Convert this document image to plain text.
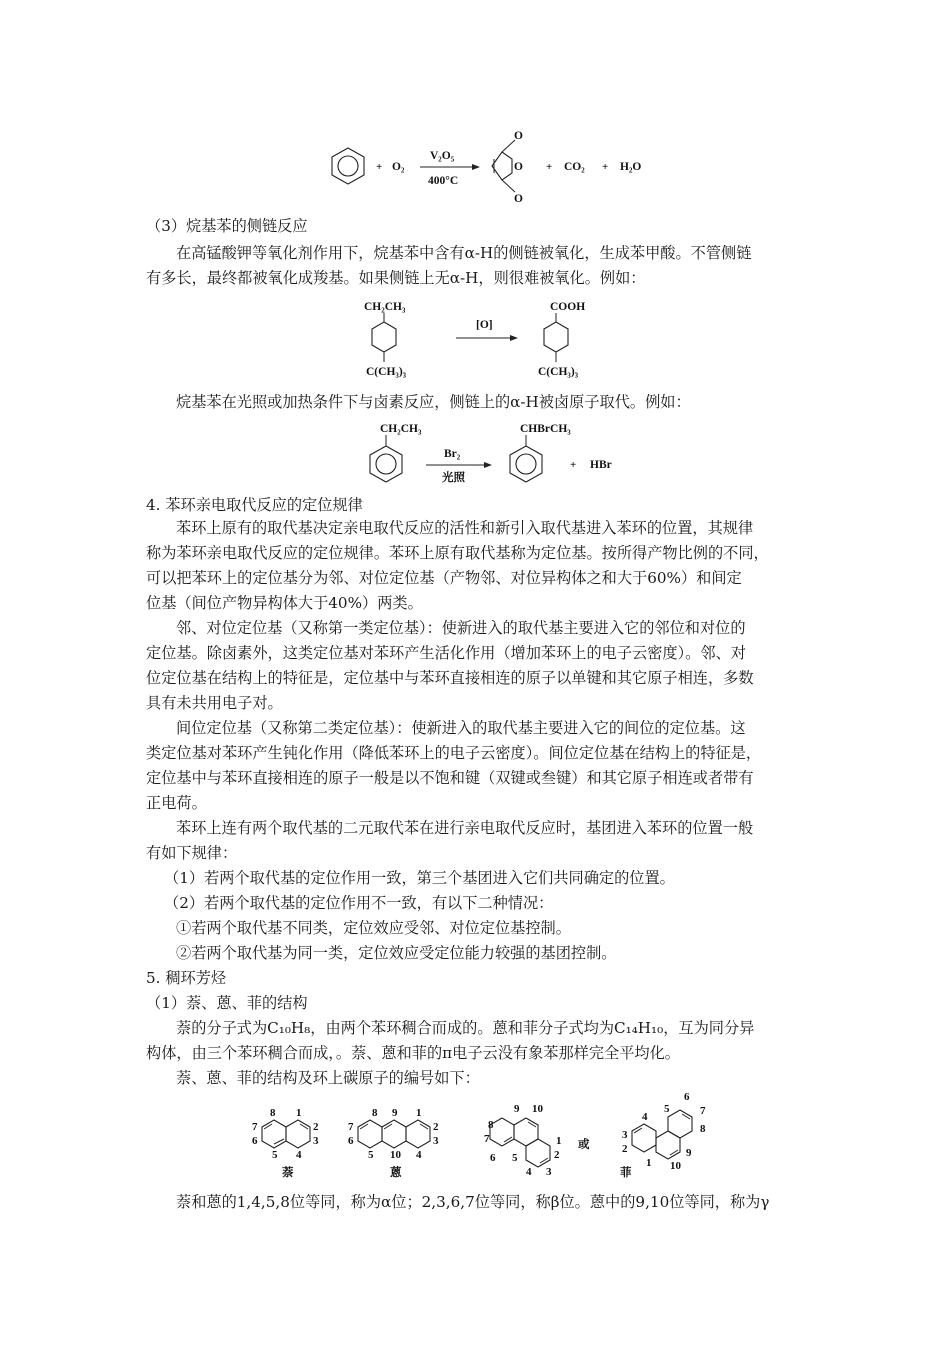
+ O₂
V₂O₅
400°C
O
O
O
+ CO₂ + H₂O
（3）烷基苯的侧链反应
在高锰酸钾等氧化剂作用下，烷基苯中含有α-H的侧链被氧化，生成苯甲酸。不管侧链
有多长，最终都被氧化成羧基。如果侧链上无α-H，则很难被氧化。例如：
CH₂CH₃
C(CH₃)₃
[O]
COOH
C(CH₃)₃
烷基苯在光照或加热条件下与卤素反应，侧链上的α-H被卤原子取代。例如：
CH₂CH₃
Br₂
光照
CHBrCH₃
+ HBr
4. 苯环亲电取代反应的定位规律
苯环上原有的取代基决定亲电取代反应的活性和新引入取代基进入苯环的位置，其规律
称为苯环亲电取代反应的定位规律。苯环上原有取代基称为定位基。按所得产物比例的不同，
可以把苯环上的定位基分为邻、对位定位基（产物邻、对位异构体之和大于60%）和间定
位基（间位产物异构体大于40%）两类。
邻、对位定位基（又称第一类定位基）：使新进入的取代基主要进入它的邻位和对位的
定位基。除卤素外，这类定位基对苯环产生活化作用（增加苯环上的电子云密度）。邻、对
位定位基在结构上的特征是，定位基中与苯环直接相连的原子以单键和其它原子相连，多数
具有未共用电子对。
间位定位基（又称第二类定位基）：使新进入的取代基主要进入它的间位的定位基。这
类定位基对苯环产生钝化作用（降低苯环上的电子云密度）。间位定位基在结构上的特征是，
定位基中与苯环直接相连的原子一般是以不饱和键（双键或叁键）和其它原子相连或者带有
正电荷。
苯环上连有两个取代基的二元取代苯在进行亲电取代反应时，基团进入苯环的位置一般
有如下规律：
（1）若两个取代基的定位作用一致，第三个基团进入它们共同确定的位置。
（2）若两个取代基的定位作用不一致，有以下二种情况：
①若两个取代基不同类，定位效应受邻、对位定位基控制。
②若两个取代基为同一类，定位效应受定位能力较强的基团控制。
5. 稠环芳烃
（1）萘、蒽、菲的结构
萘的分子式为C₁₀H₈，由两个苯环稠合而成的。蒽和菲分子式均为C₁₄H₁₀，互为同分异
构体，由三个苯环稠合而成，。萘、蒽和菲的π电子云没有象苯那样完全平均化。
萘、蒽、菲的结构及环上碳原子的编号如下：
8 1
7	2
6	3
5 4
萘
8 9 1
7	2
6	3
5 10 4
蒽
9 10
1
8
7
2
6 5
4 3
或
6
5	7
4
8
3
2	9
1 10
菲
萘和蒽的1,4,5,8位等同，称为α位；2,3,6,7位等同，称β位。蒽中的9,10位等同，称为γ
